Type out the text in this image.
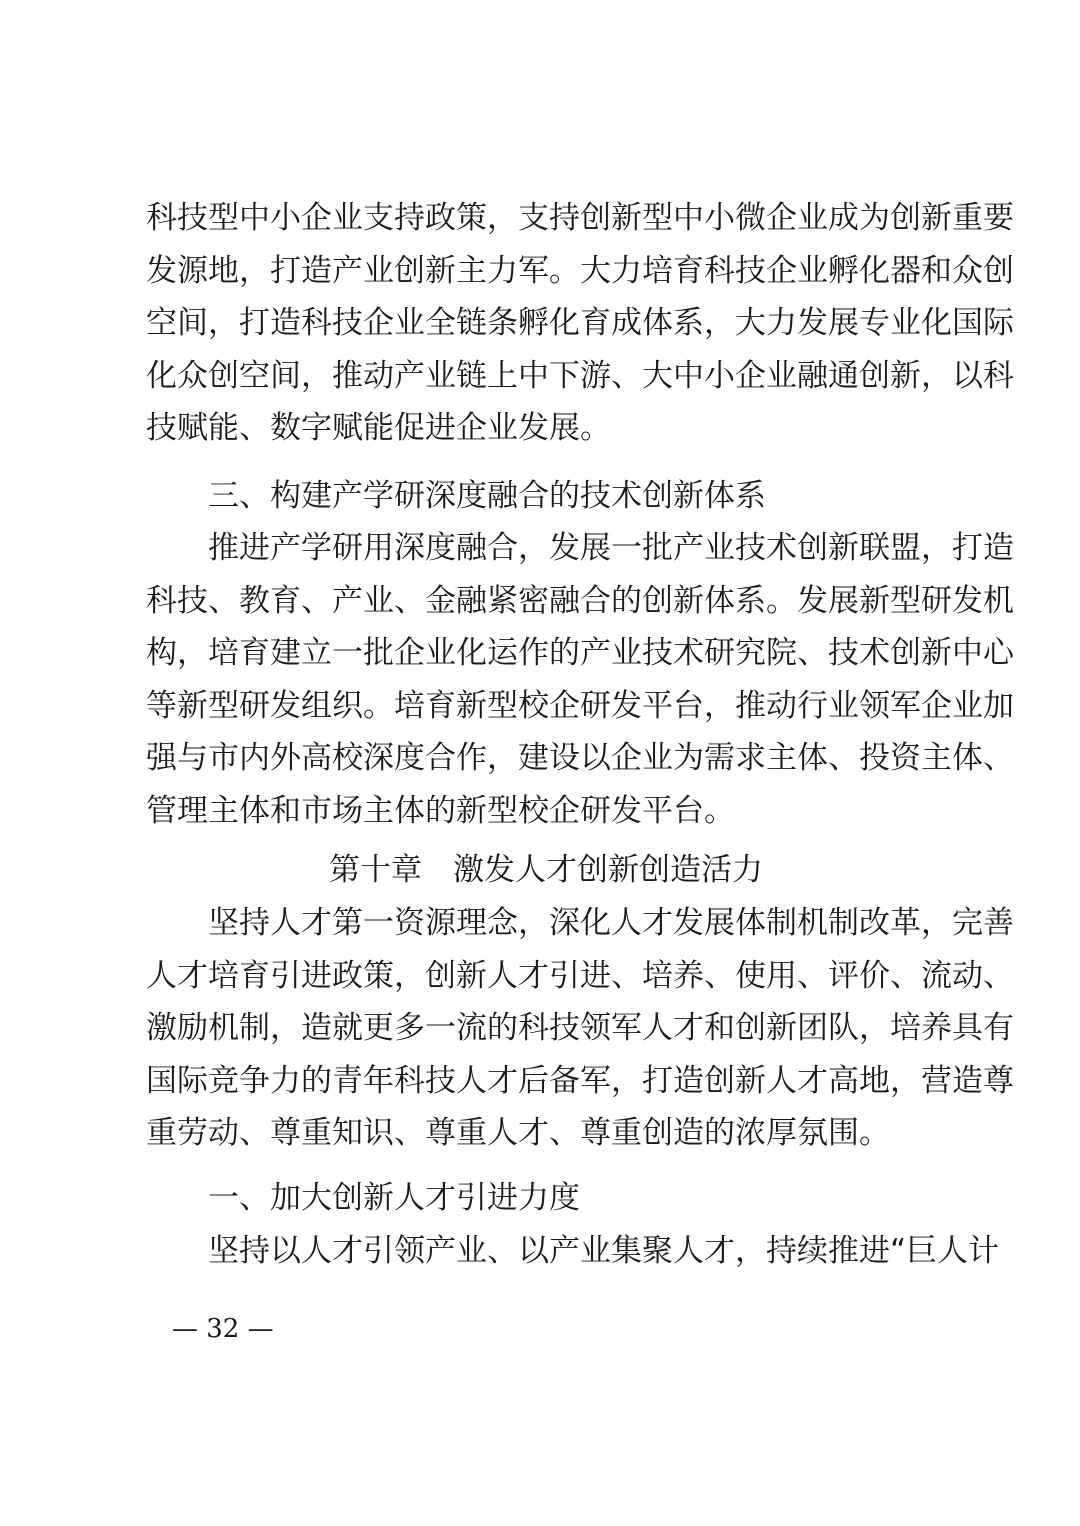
科技型中小企业支持政策，支持创新型中小微企业成为创新重要
发源地，打造产业创新主力军。大力培育科技企业孵化器和众创
空间，打造科技企业全链条孵化育成体系，大力发展专业化国际
化众创空间，推动产业链上中下游、大中小企业融通创新，以科
技赋能、数字赋能促进企业发展。
　　三、构建产学研深度融合的技术创新体系
　　推进产学研用深度融合，发展一批产业技术创新联盟，打造
科技、教育、产业、金融紧密融合的创新体系。发展新型研发机
构，培育建立一批企业化运作的产业技术研究院、技术创新中心
等新型研发组织。培育新型校企研发平台，推动行业领军企业加
强与市内外高校深度合作，建设以企业为需求主体、投资主体、
管理主体和市场主体的新型校企研发平台。
第十章　激发人才创新创造活力
　　坚持人才第一资源理念，深化人才发展体制机制改革，完善
人才培育引进政策，创新人才引进、培养、使用、评价、流动、
激励机制，造就更多一流的科技领军人才和创新团队，培养具有
国际竞争力的青年科技人才后备军，打造创新人才高地，营造尊
重劳动、尊重知识、尊重人才、尊重创造的浓厚氛围。
　　一、加大创新人才引进力度
　　坚持以人才引领产业、以产业集聚人才，持续推进“巨人计
— 32 —
